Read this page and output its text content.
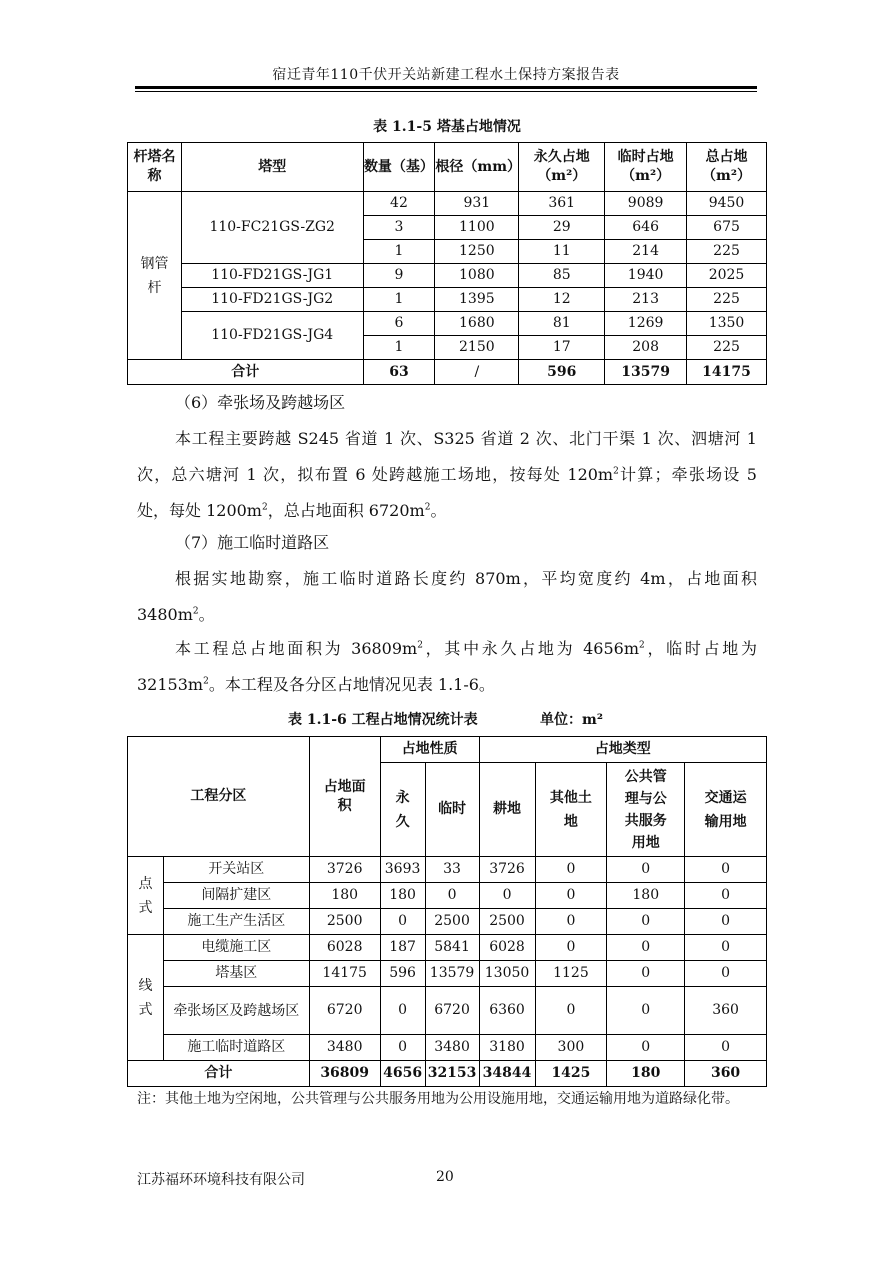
宿迁青年110千伏开关站新建工程水土保持方案报告表
表 1.1-5 塔基占地情况
杆塔名称	塔型	数量（基）	根径（mm）	永久占地（m²）	临时占地（m²）	总占地（m²）
钢管杆	110-FC21GS-ZG2	42	931	361	9089	9450
		3	1100	29	646	675
		1	1250	11	214	225
	110-FD21GS-JG1	9	1080	85	1940	2025
	110-FD21GS-JG2	1	1395	12	213	225
	110-FD21GS-JG4	6	1680	81	1269	1350
		1	2150	17	208	225
合计		63	/	596	13579	14175
（6）牵张场及跨越场区
本工程主要跨越 S245 省道 1 次、S325 省道 2 次、北门干渠 1 次、泗塘河 1
次，总六塘河 1 次，拟布置 6 处跨越施工场地，按每处 $120m^2$计算；牵张场设 5
处，每处 $1200m^2$，总占地面积 $6720m^2$。
（7）施工临时道路区
根据实地勘察，施工临时道路长度约 870m，平均宽度约 4m，占地面积
$3480m^2$。
本工程总占地面积为 $36809m^2$，其中永久占地为 $4656m^2$，临时占地为
$32153m^2$。本工程及各分区占地情况见表 1.1-6。
表 1.1-6 工程占地情况统计表	单位：m²
工程分区		占地面积	占地性质		占地类型			
			永久	临时	耕地	其他土地	公共管理与公共服务用地	交通运输用地
点式	开关站区	3726	3693	33	3726	0	0	0
	间隔扩建区	180	180	0	0	0	180	0
	施工生产生活区	2500	0	2500	2500	0	0	0
线式	电缆施工区	6028	187	5841	6028	0	0	0
	塔基区	14175	596	13579	13050	1125	0	0
	牵张场区及跨越场区	6720	0	6720	6360	0	0	360
	施工临时道路区	3480	0	3480	3180	300	0	0
合计		36809	4656	32153	34844	1425	180	360
注：其他土地为空闲地，公共管理与公共服务用地为公用设施用地，交通运输用地为道路绿化带。
江苏福环环境科技有限公司	20
